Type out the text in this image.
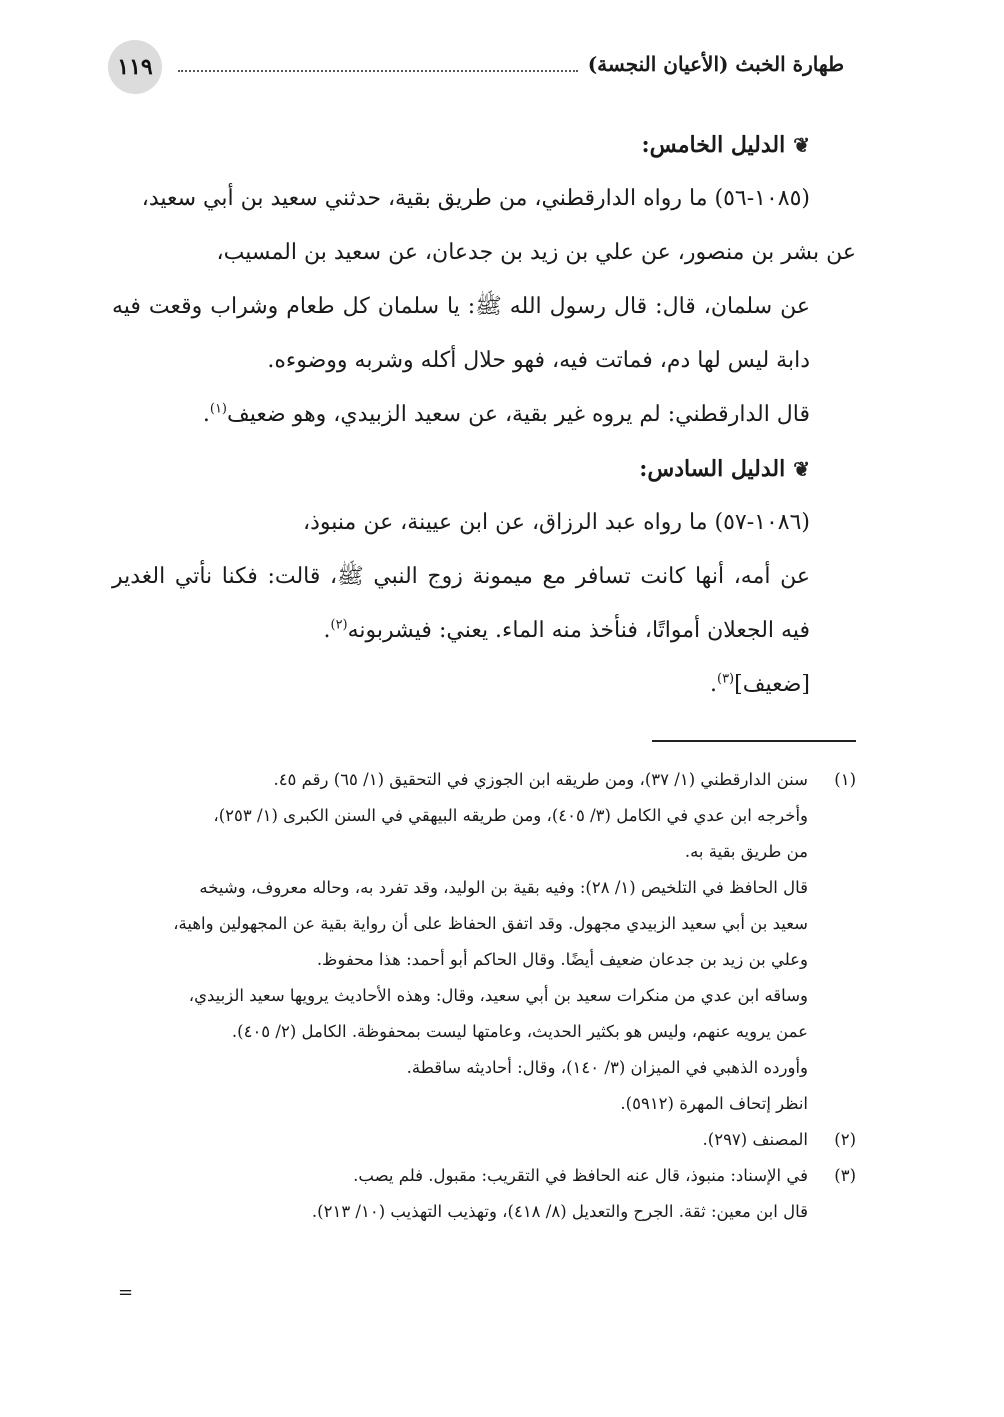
١١٩	طهارة الخبث (الأعيان النجسة)

❦الدليل الخامس:

(١٠٨٥-٥٦) ما رواه الدارقطني، من طريق بقية، حدثني سعيد بن أبي سعيد،

عن بشر بن منصور، عن علي بن زيد بن جدعان، عن سعيد بن المسيب،

عن سلمان، قال: قال رسول الله ﷺ: يا سلمان كل طعام وشراب وقعت فيه دابة ليس لها دم، فماتت فيه، فهو حلال أكله وشربه ووضوءه.

قال الدارقطني: لم يروه غير بقية، عن سعيد الزبيدي، وهو ضعيف$^{(١)}$.

❦الدليل السادس:

(١٠٨٦-٥٧) ما رواه عبد الرزاق، عن ابن عيينة، عن منبوذ،

عن أمه، أنها كانت تسافر مع ميمونة زوج النبي ﷺ، قالت: فكنا نأتي الغدير فيه الجعلان أمواتًا، فنأخذ منه الماء. يعني: فيشربونه$^{(٢)}$.

[ضعيف]$^{(٣)}$.

(١)

سنن الدارقطني (١/ ٣٧)، ومن طريقه ابن الجوزي في التحقيق (١/ ٦٥) رقم ٤٥.

وأخرجه ابن عدي في الكامل (٣/ ٤٠٥)، ومن طريقه البيهقي في السنن الكبرى (١/ ٢٥٣)،

من طريق بقية به.

قال الحافظ في التلخيص (١/ ٢٨): وفيه بقية بن الوليد، وقد تفرد به، وحاله معروف، وشيخه

سعيد بن أبي سعيد الزبيدي مجهول. وقد اتفق الحفاظ على أن رواية بقية عن المجهولين واهية،

وعلي بن زيد بن جدعان ضعيف أيضًا. وقال الحاكم أبو أحمد: هذا محفوظ.

وساقه ابن عدي من منكرات سعيد بن أبي سعيد، وقال: وهذه الأحاديث يرويها سعيد الزبيدي،

عمن يرويه عنهم، وليس هو بكثير الحديث، وعامتها ليست بمحفوظة. الكامل (٢/ ٤٠٥).

وأورده الذهبي في الميزان (٣/ ١٤٠)، وقال: أحاديثه ساقطة.

انظر إتحاف المهرة (٥٩١٢).

(٢)

المصنف (٢٩٧).

(٣)

في الإسناد: منبوذ، قال عنه الحافظ في التقريب: مقبول. فلم يصب.

قال ابن معين: ثقة. الجرح والتعديل (٨/ ٤١٨)، وتهذيب التهذيب (١٠/ ٢١٣).

=
